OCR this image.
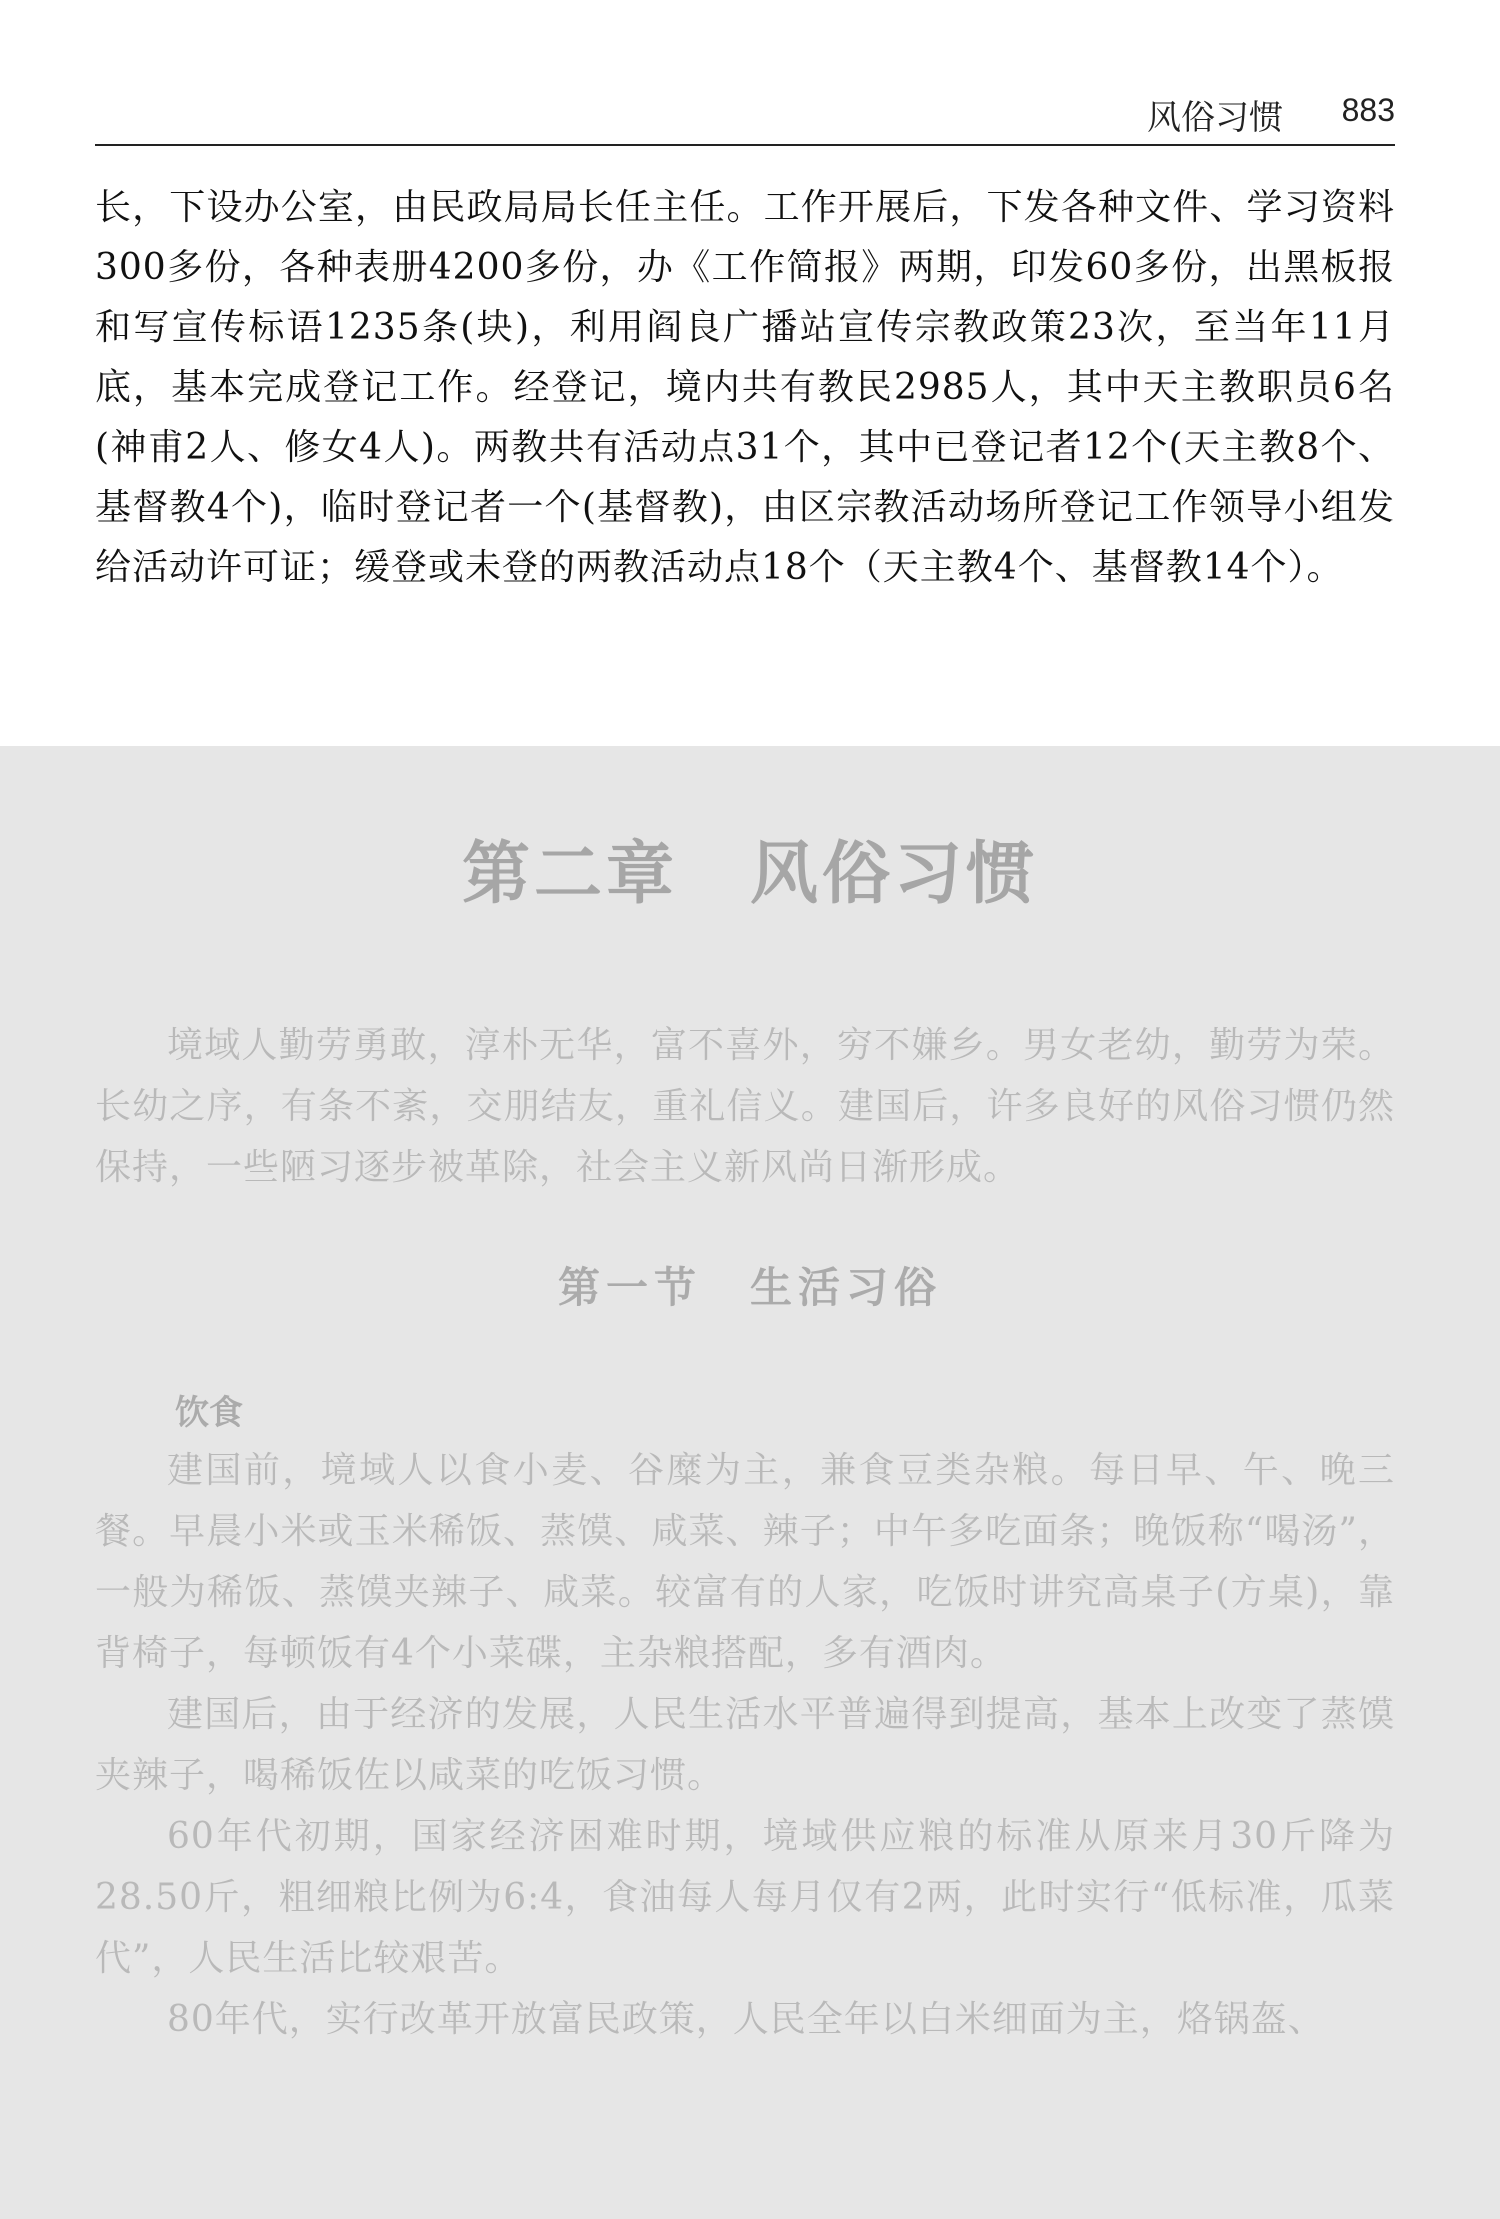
风俗习惯 883

长，下设办公室，由民政局局长任主任。工作开展后，下发各种文件、学习资料300多份，各种表册4200多份，办《工作简报》两期，印发60多份，出黑板报和写宣传标语1235条(块)，利用阎良广播站宣传宗教政策23次，至当年11月底，基本完成登记工作。经登记，境内共有教民2985人，其中天主教职员6名(神甫2人、修女4人)。两教共有活动点31个，其中已登记者12个(天主教8个、基督教4个)，临时登记者一个(基督教)，由区宗教活动场所登记工作领导小组发给活动许可证；缓登或未登的两教活动点18个（天主教4个、基督教14个）。

第二章　风俗习惯

境域人勤劳勇敢，淳朴无华，富不喜外，穷不嫌乡。男女老幼，勤劳为荣。长幼之序，有条不紊，交朋结友，重礼信义。建国后，许多良好的风俗习惯仍然保持，一些陋习逐步被革除，社会主义新风尚日渐形成。

第一节　生活习俗
饮食

建国前，境域人以食小麦、谷糜为主，兼食豆类杂粮。每日早、午、晚三餐。早晨小米或玉米稀饭、蒸馍、咸菜、辣子；中午多吃面条；晚饭称“喝汤”，一般为稀饭、蒸馍夹辣子、咸菜。较富有的人家，吃饭时讲究高桌子(方桌)，靠背椅子，每顿饭有4个小菜碟，主杂粮搭配，多有酒肉。

建国后，由于经济的发展，人民生活水平普遍得到提高，基本上改变了蒸馍夹辣子，喝稀饭佐以咸菜的吃饭习惯。

60年代初期，国家经济困难时期，境域供应粮的标准从原来月30斤降为28.50斤，粗细粮比例为6:4，食油每人每月仅有2两，此时实行“低标准，瓜菜代”，人民生活比较艰苦。

80年代，实行改革开放富民政策，人民全年以白米细面为主，烙锅盔、
